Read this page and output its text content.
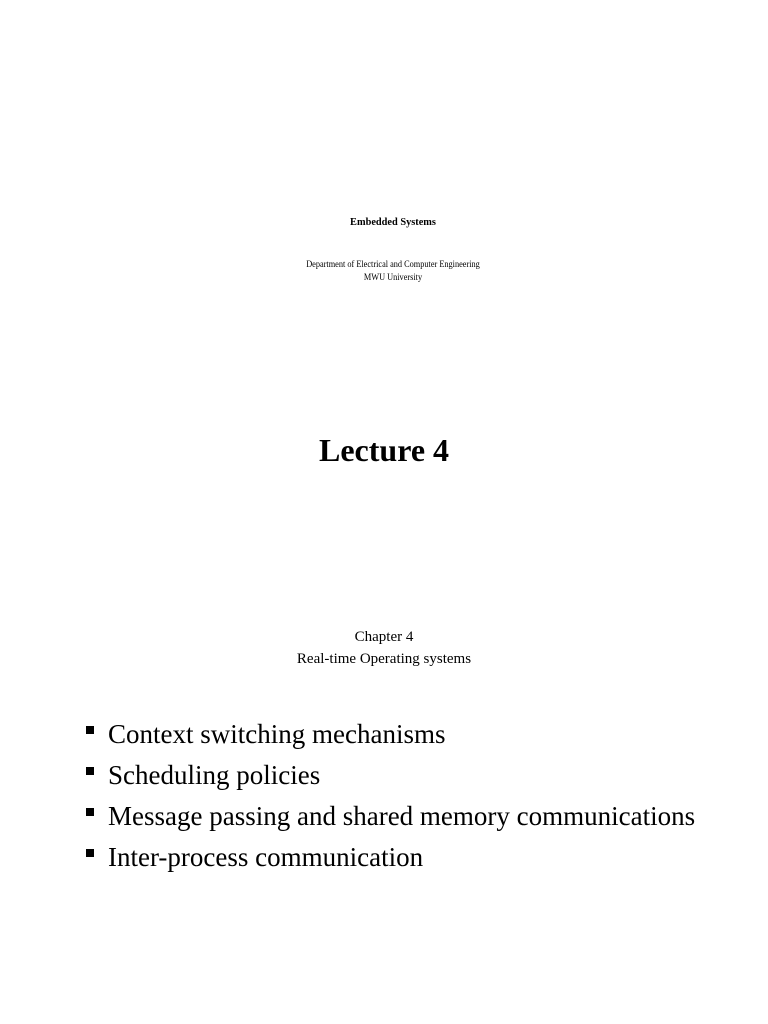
Embedded Systems
Department of Electrical and Computer Engineering
MWU University
Lecture 4
Chapter 4
Real-time Operating systems
Context switching mechanisms
Scheduling policies
Message passing and shared memory communications
Inter-process communication
